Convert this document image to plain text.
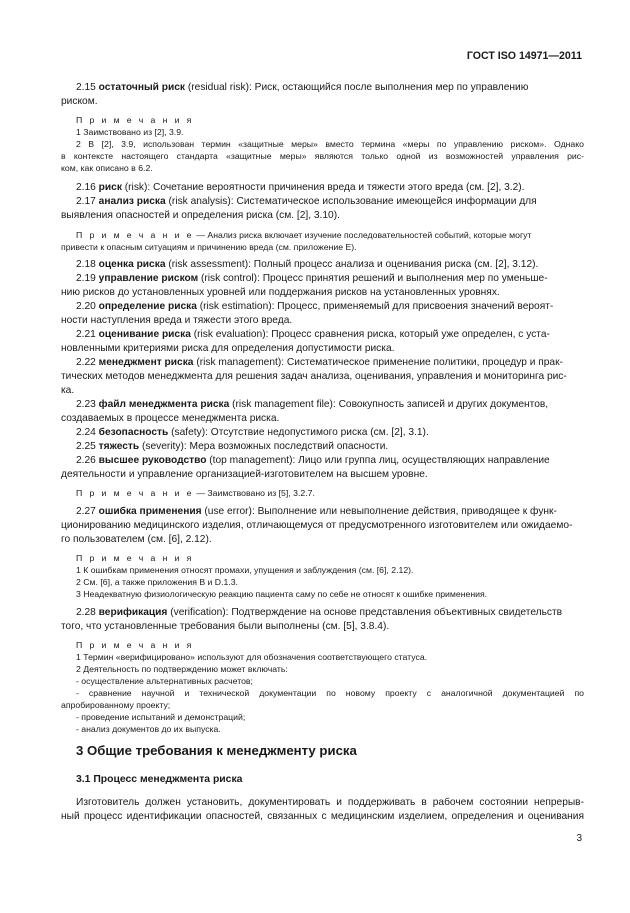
ГОСТ ISO 14971—2011

2.15 остаточный риск (residual risk): Риск, остающийся после выполнения мер по управлению

риском.

П р и м е ч а н и я

1 Заимствовано из [2], 3.9.

2 В [2], 3.9, использован термин «защитные меры» вместо термина «меры по управлению риском». Однако

в контексте настоящего стандарта «защитные меры» являются только одной из возможностей управления рис-

ком, как описано в 6.2.

2.16 риск (risk): Сочетание вероятности причинения вреда и тяжести этого вреда (см. [2], 3.2).

2.17 анализ риска (risk analysis): Систематическое использование имеющейся информации для

выявления опасностей и определения риска (см. [2], 3.10).

П р и м е ч а н и е — Анализ риска включает изучение последовательностей событий, которые могут

привести к опасным ситуациям и причинению вреда (см. приложение Е).

2.18 оценка риска (risk assessment): Полный процесс анализа и оценивания риска (см. [2], 3.12).

2.19 управление риском (risk control): Процесс принятия решений и выполнения мер по уменьше-

нию рисков до установленных уровней или поддержания рисков на установленных уровнях.

2.20 определение риска (risk estimation): Процесс, применяемый для присвоения значений вероят-

ности наступления вреда и тяжести этого вреда.

2.21 оценивание риска (risk evaluation): Процесс сравнения риска, который уже определен, с уста-

новленными критериями риска для определения допустимости риска.

2.22 менеджмент риска (risk management): Систематическое применение политики, процедур и прак-

тических методов менеджмента для решения задач анализа, оценивания, управления и мониторинга рис-

ка.

2.23 файл менеджмента риска (risk management file): Совокупность записей и других документов,

создаваемых в процессе менеджмента риска.

2.24 безопасность (safety): Отсутствие недопустимого риска (см. [2], 3.1).

2.25 тяжесть (severity): Мера возможных последствий опасности.

2.26 высшее руководство (top management): Лицо или группа лиц, осуществляющих направление

деятельности и управление организацией-изготовителем на высшем уровне.

П р и м е ч а н и е — Заимствовано из [5], 3.2.7.

2.27 ошибка применения (use error): Выполнение или невыполнение действия, приводящее к функ-

ционированию медицинского изделия, отличающемуся от предусмотренного изготовителем или ожидаемо-

го пользователем (см. [6], 2.12).

П р и м е ч а н и я

1 К ошибкам применения относят промахи, упущения и заблуждения (см. [6], 2.12).

2 См. [6], а также приложения В и D.1.3.

3 Неадекватную физиологическую реакцию пациента саму по себе не относят к ошибке применения.

2.28 верификация (verification): Подтверждение на основе представления объективных свидетельств

того, что установленные требования были выполнены (см. [5], 3.8.4).

П р и м е ч а н и я

1 Термин «верифицировано» используют для обозначения соответствующего статуса.

2 Деятельность по подтверждению может включать:

- осуществление альтернативных расчетов;

- сравнение научной и технической документации по новому проекту с аналогичной документацией по

апробированному проекту;

- проведение испытаний и демонстраций;

- анализ документов до их выпуска.

3 Общие требования к менеджменту риска
3.1 Процесс менеджмента риска

Изготовитель должен установить, документировать и поддерживать в рабочем состоянии непрерыв-

ный процесс идентификации опасностей, связанных с медицинским изделием, определения и оценивания

3
